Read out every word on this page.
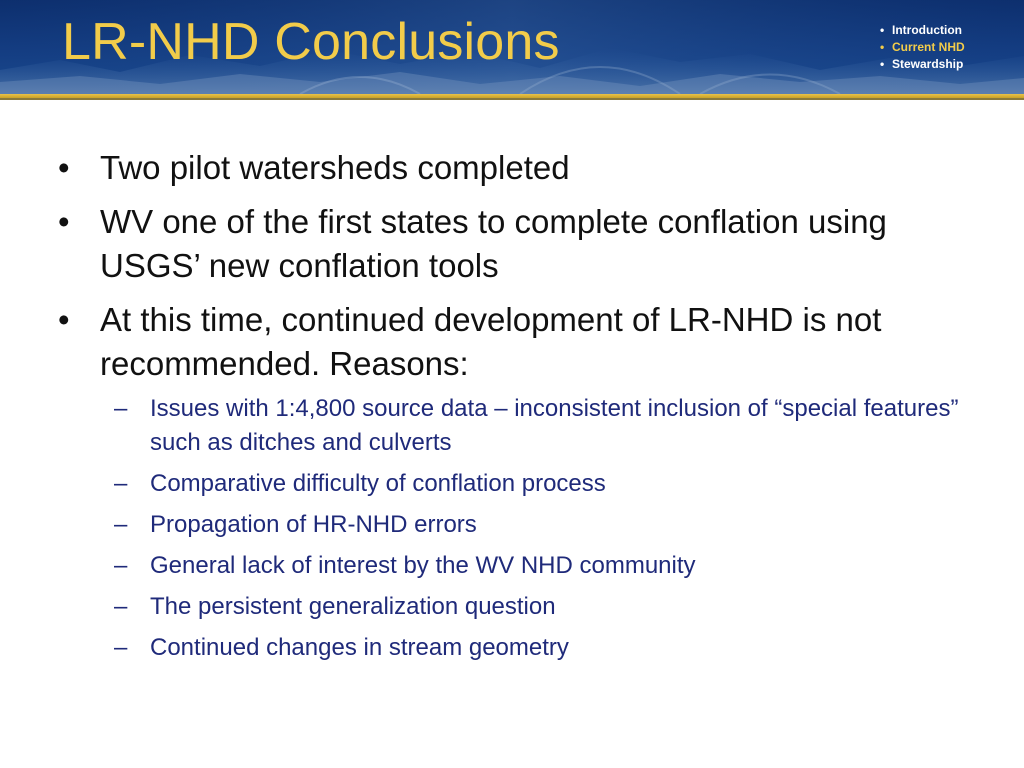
LR-NHD Conclusions	• Introduction
• Current NHD
• Stewardship
• Two pilot watersheds completed
• WV one of the first states to complete conflation using USGS’ new conflation tools
• At this time, continued development of LR-NHD is not recommended. Reasons:
– Issues with 1:4,800 source data – inconsistent inclusion of “special features” such as ditches and culverts
– Comparative difficulty of conflation process
– Propagation of HR-NHD errors
– General lack of interest by the WV NHD community
– The persistent generalization question
– Continued changes in stream geometry
